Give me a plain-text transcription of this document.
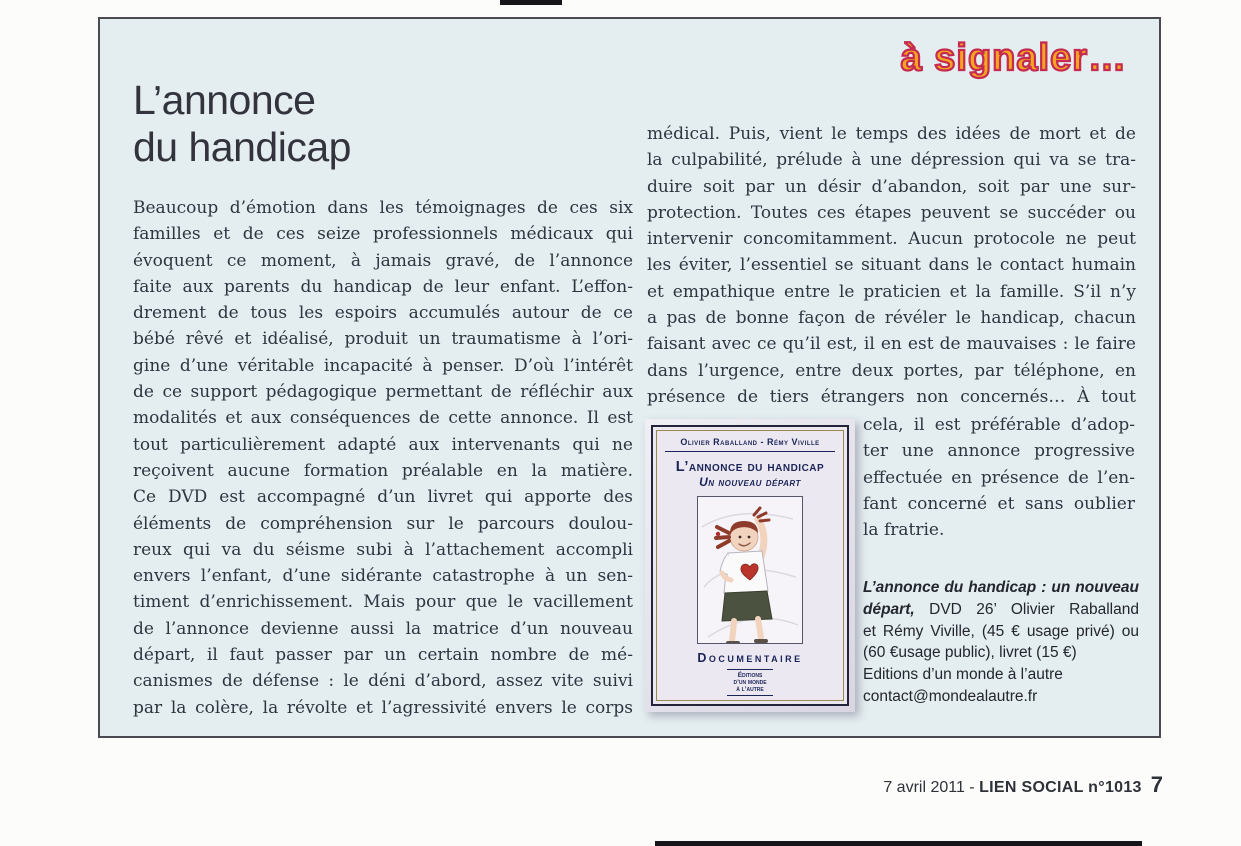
à signaler…
L’annonce
du handicap
Beaucoup d’émotion dans les témoignages de ces six
familles et de ces seize professionnels médicaux qui
évoquent ce moment, à jamais gravé, de l’annonce
faite aux parents du handicap de leur enfant. L’effon-
drement de tous les espoirs accumulés autour de ce
bébé rêvé et idéalisé, produit un traumatisme à l’ori-
gine d’une véritable incapacité à penser. D’où l’intérêt
de ce support pédagogique permettant de réfléchir aux
modalités et aux conséquences de cette annonce. Il est
tout particulièrement adapté aux intervenants qui ne
reçoivent aucune formation préalable en la matière.
Ce DVD est accompagné d’un livret qui apporte des
éléments de compréhension sur le parcours doulou-
reux qui va du séisme subi à l’attachement accompli
envers l’enfant, d’une sidérante catastrophe à un sen-
timent d’enrichissement. Mais pour que le vacillement
de l’annonce devienne aussi la matrice d’un nouveau
départ, il faut passer par un certain nombre de mé-
canismes de défense : le déni d’abord, assez vite suivi
par la colère, la révolte et l’agressivité envers le corps
médical. Puis, vient le temps des idées de mort et de
la culpabilité, prélude à une dépression qui va se tra-
duire soit par un désir d’abandon, soit par une sur-
protection. Toutes ces étapes peuvent se succéder ou
intervenir concomitamment. Aucun protocole ne peut
les éviter, l’essentiel se situant dans le contact humain
et empathique entre le praticien et la famille. S’il n’y
a pas de bonne façon de révéler le handicap, chacun
faisant avec ce qu’il est, il en est de mauvaises : le faire
dans l’urgence, entre deux portes, par téléphone, en
présence de tiers étrangers non concernés… À tout
cela, il est préférable d’adop-
ter une annonce progressive
effectuée en présence de l’en-
fant concerné et sans oublier
la fratrie.
Olivier Raballand - Rémy Viville
L’annonce du handicap
Un nouveau départ
Documentaire
Éditions
d’un monde
à l’autre
L’annonce du handicap : un nouveau
départ, DVD 26’ Olivier Raballand
et Rémy Viville, (45 € usage privé) ou
(60 €usage public), livret (15 €)
Editions d’un monde à l’autre
contact@mondealautre.fr
7 avril 2011 - LIEN SOCIAL n°1013 7
